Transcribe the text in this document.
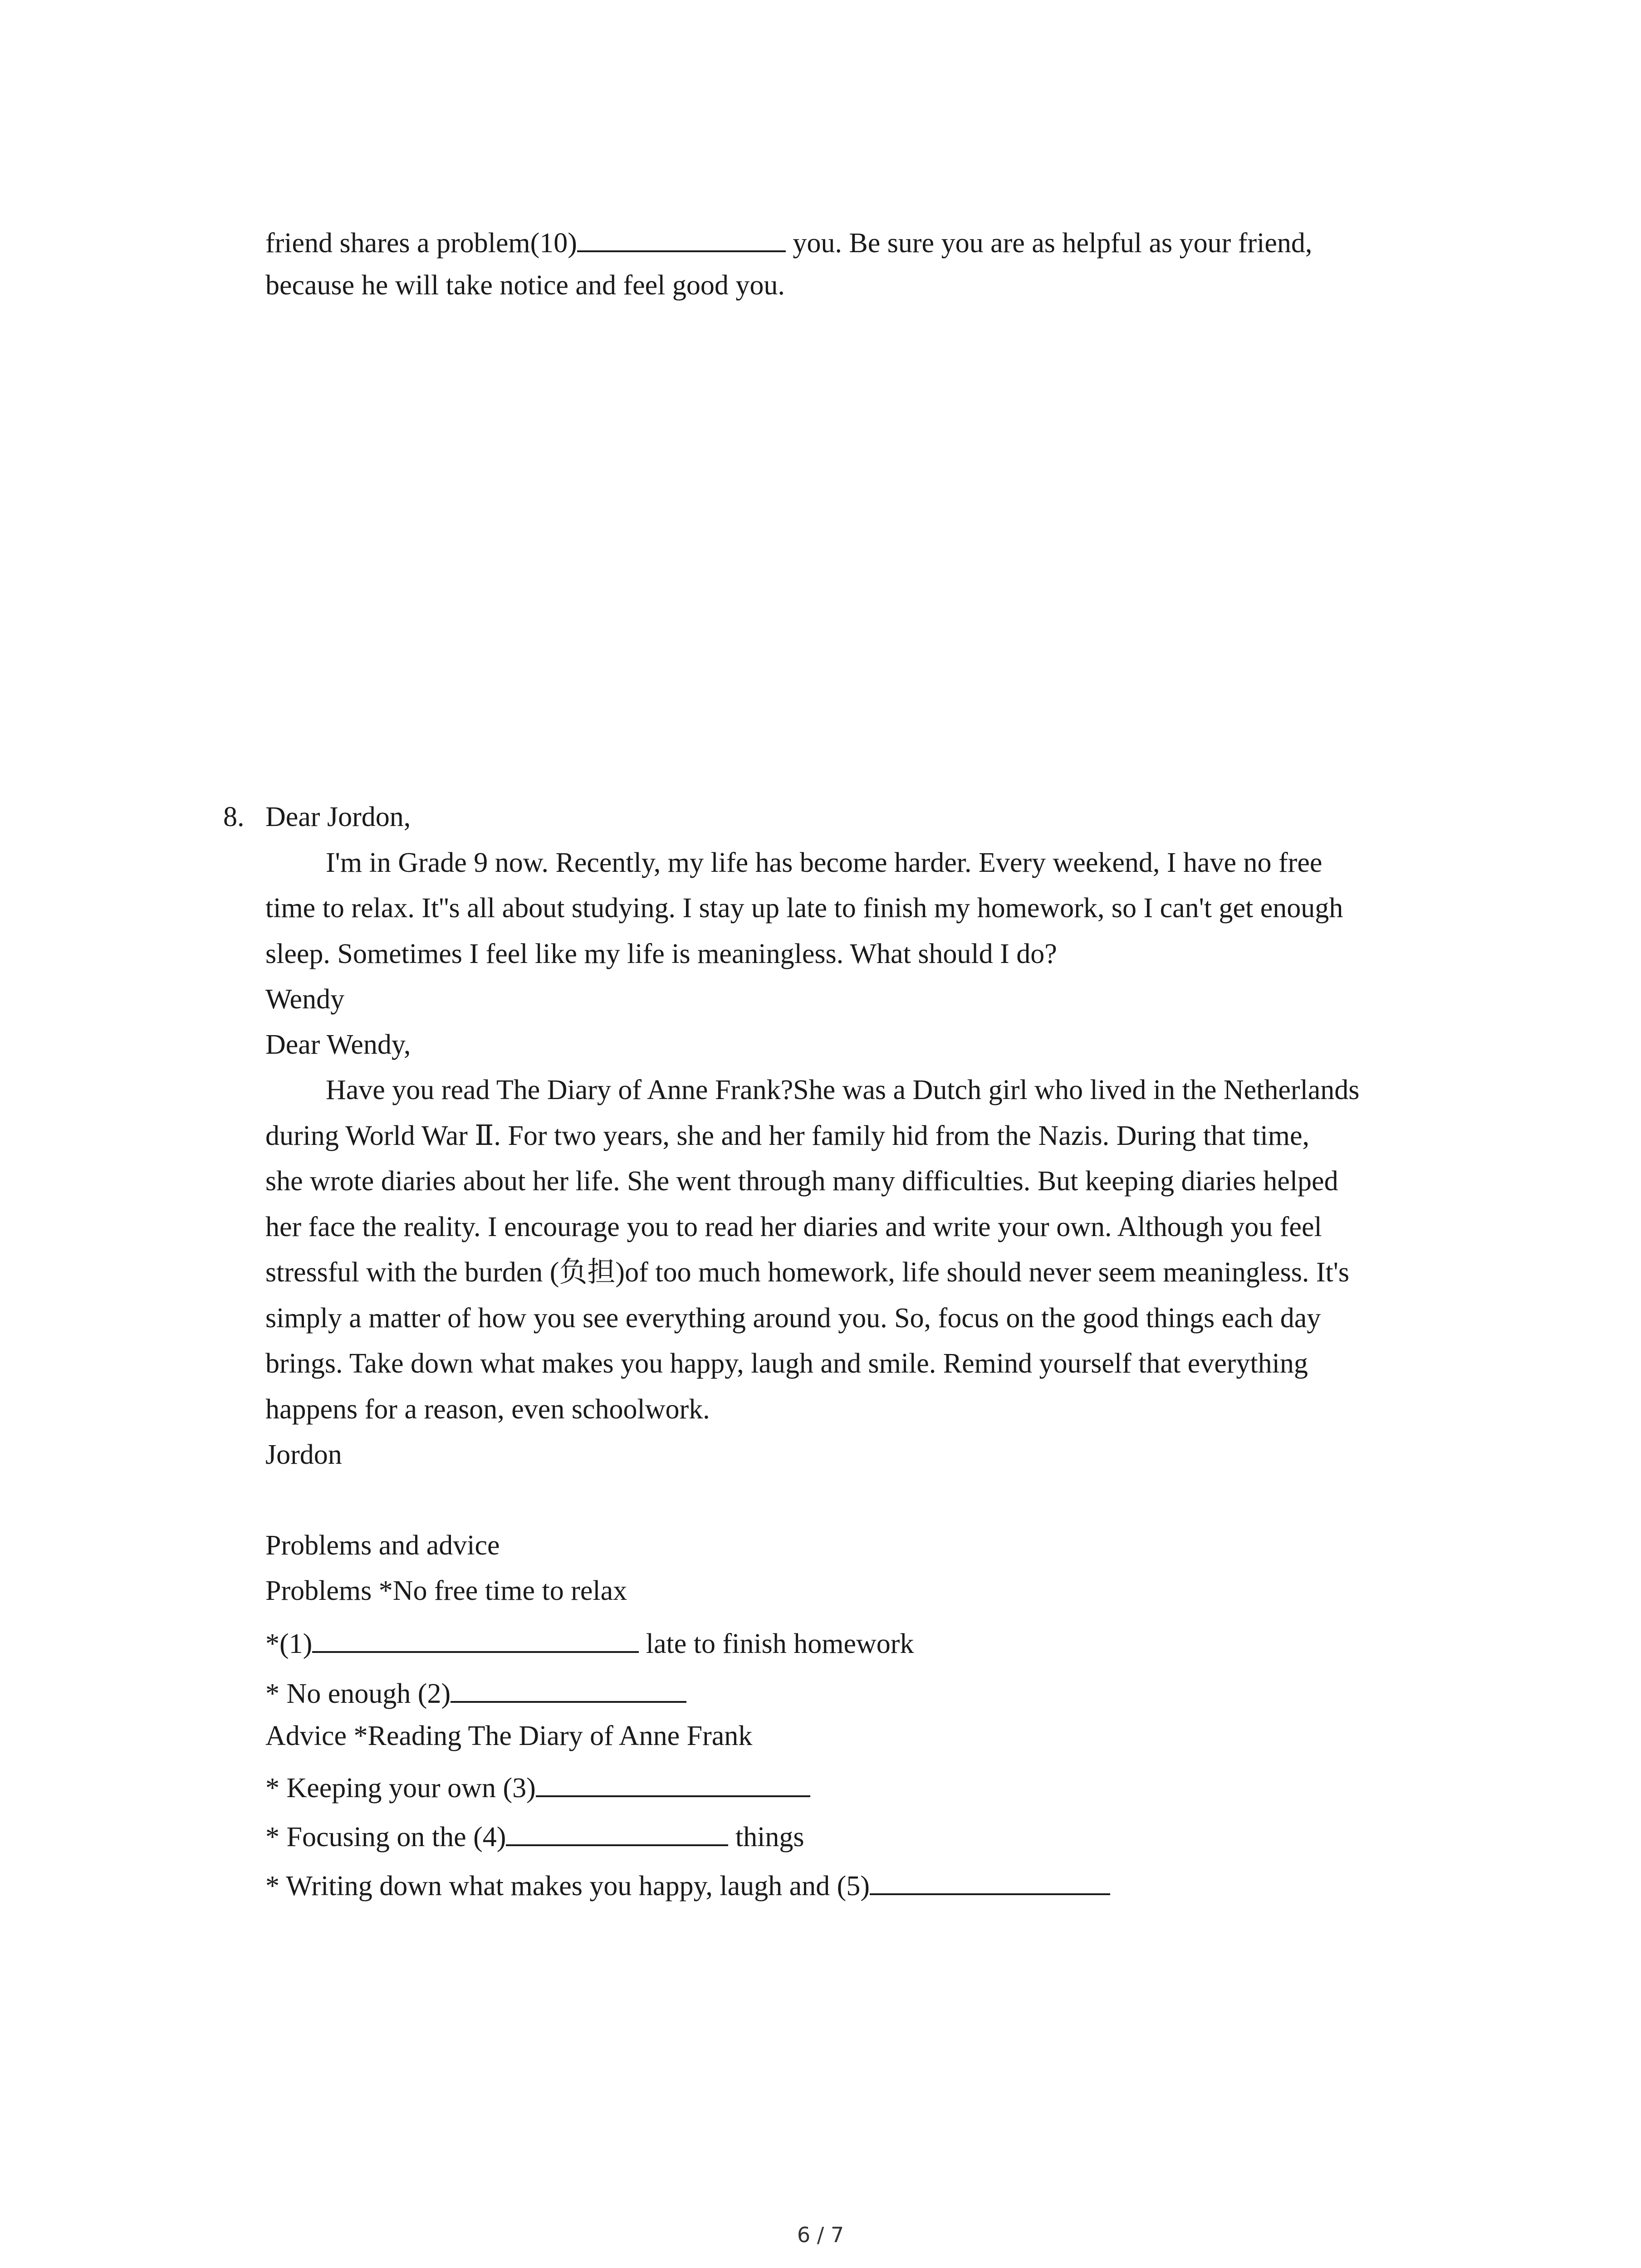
friend shares a problem(10)	you. Be sure you are as helpful as your friend,
because he will take notice and feel good you.
8. Dear Jordon,
I'm in Grade 9 now. Recently, my life has become harder. Every weekend, I have no free
time to relax. It''s all about studying. I stay up late to finish my homework, so I can't get enough
sleep. Sometimes I feel like my life is meaningless. What should I do?
Wendy
Dear Wendy,
Have you read The Diary of Anne Frank?She was a Dutch girl who lived in the Netherlands
during World War Ⅱ. For two years, she and her family hid from the Nazis. During that time,
she wrote diaries about her life. She went through many difficulties. But keeping diaries helped
her face the reality. I encourage you to read her diaries and write your own. Although you feel
stressful with the burden (负担)of too much homework, life should never seem meaningless. It's
simply a matter of how you see everything around you. So, focus on the good things each day
brings. Take down what makes you happy, laugh and smile. Remind yourself that everything
happens for a reason, even schoolwork.
Jordon
Problems and advice
Problems *No free time to relax
*(1)	late to finish homework
* No enough (2)
Advice *Reading The Diary of Anne Frank
* Keeping your own (3)
* Focusing on the (4)	things
* Writing down what makes you happy, laugh and (5)
6 / 7
